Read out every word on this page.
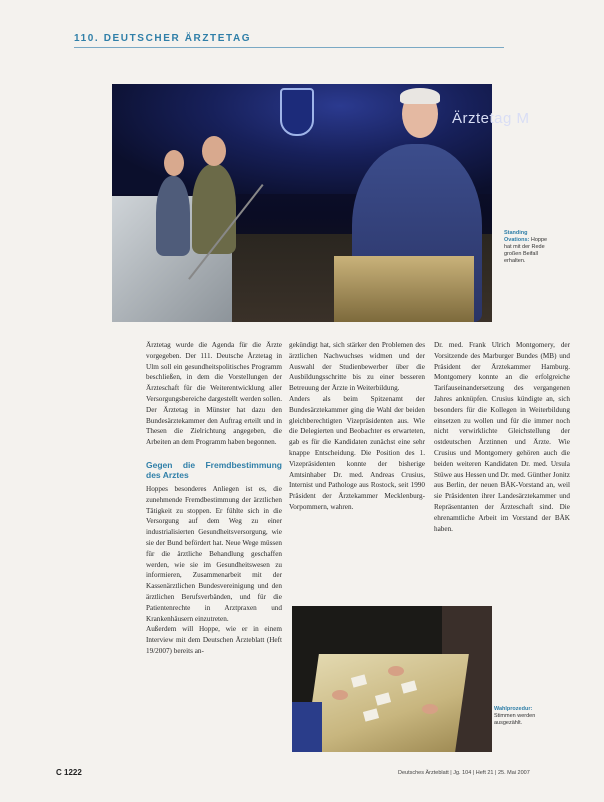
110. DEUTSCHER ÄRZTETAG
Ärztetag M
Standing Ovations: Hoppe hat mit der Rede großen Beifall erhalten.

Ärztetag wurde die Agenda für die Ärzte vorgegeben. Der 111. Deutsche Ärztetag in Ulm soll ein gesundheitspolitisches Programm beschließen, in dem die Vorstellungen der Ärzteschaft für die Weiterentwicklung aller Versorgungsbereiche dargestellt werden sollen. Der Ärztetag in Münster hat dazu den Bundesärztekammer den Auftrag erteilt und in Thesen die Zielrichtung angegeben, die Arbeiten an dem Programm haben begonnen.

Gegen die Fremdbestimmung des Arztes

Hoppes besonderes Anliegen ist es, die zunehmende Fremdbestimmung der ärztlichen Tätigkeit zu stoppen. Er fühlte sich in die Versorgung auf dem Weg zu einer industrialisierten Gesundheitsversorgung, wie sie der Bund befördert hat. Neue Wege müssen für die ärztliche Behandlung geschaffen werden, wie sie im Gesundheitswesen zu informieren, Zusammenarbeit mit der Kassenärztlichen Bundesvereinigung und den ärztlichen Berufsverbänden, und für die Patientenrechte in Arztpraxen und Krankenhäusern einzutreten.

Außerdem will Hoppe, wie er in einem Interview mit dem Deutschen Ärzteblatt (Heft 19/2007) bereits an-

gekündigt hat, sich stärker den Problemen des ärztlichen Nachwuchses widmen und der Auswahl der Studienbewerber über die Ausbildungsschritte bis zu einer besseren Betreuung der Ärzte in Weiterbildung.

Anders als beim Spitzenamt der Bundesärztekammer ging die Wahl der beiden gleichberechtigten Vizepräsidenten aus. Wie die Delegierten und Beobachter es erwarteten, gab es für die Kandidaten zunächst eine sehr knappe Entscheidung. Die Position des 1. Vizepräsidenten konnte der bisherige Amtsinhaber Dr. med. Andreas Crusius, Internist und Pathologe aus Rostock, seit 1990 Präsident der Ärztekammer Mecklenburg-Vorpommern, wahren.

Dr. med. Frank Ulrich Montgomery, der Vorsitzende des Marburger Bundes (MB) und Präsident der Ärztekammer Hamburg. Montgomery konnte an die erfolgreiche Tarifauseinandersetzung des vergangenen Jahres anknüpfen. Crusius kündigte an, sich besonders für die Kollegen in Weiterbildung einsetzen zu wollen und für die immer noch nicht verwirklichte Gleichstellung der ostdeutschen Ärztinnen und Ärzte. Wie Crusius und Montgomery gehören auch die beiden weiteren Kandidaten Dr. med. Ursula Stüwe aus Hessen und Dr. med. Günther Jonitz aus Berlin, der neuen BÄK-Vorstand an, weil sie Präsidenten ihrer Landesärztekammer und Repräsentanten der Ärzteschaft sind. Die ehrenamtliche Arbeit im Vorstand der BÄK haben.

Wahlprozedur: Stimmen werden ausgezählt.
C 1222	Deutsches Ärzteblatt | Jg. 104 | Heft 21 | 25. Mai 2007
